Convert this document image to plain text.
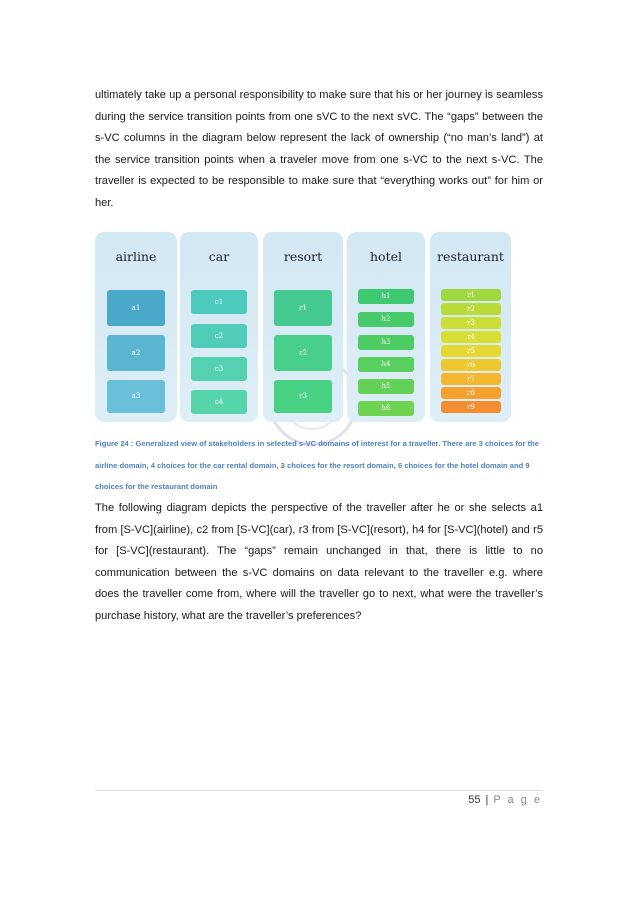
ultimately take up a personal responsibility to make sure that his or her journey is seamless during the service transition points from one sVC to the next sVC. The “gaps” between the s-VC columns in the diagram below represent the lack of ownership (“no man’s land”) at the service transition points when a traveler move from one s-VC to the next s-VC. The traveller is expected to be responsible to make sure that “everything works out” for him or her.
airline
a1
a2
a3
car
c1
c2
c3
c4
resort
r1
r2
r3
hotel
h1
h2
h3
h4
h5
h6
restaurant
r1
r2
r3
r4
r5
r6
r7
r8
r9
Figure 24 : Generalized view of stakeholders in selected s-VC domains of interest for a traveller. There are 3 choices for the airline domain, 4 choices for the car rental domain, 3 choices for the resort domain, 6 choices for the hotel domain and 9 choices for the restaurant domain
The following diagram depicts the perspective of the traveller after he or she selects a1 from [S-VC](airline), c2 from [S-VC](car), r3 from [S-VC](resort), h4 for [S-VC](hotel) and r5 for [S-VC](restaurant). The “gaps” remain unchanged in that, there is little to no communication between the s-VC domains on data relevant to the traveller e.g. where does the traveller come from, where will the traveller go to next, what were the traveller’s purchase history, what are the traveller’s preferences?
55 | P a g e
